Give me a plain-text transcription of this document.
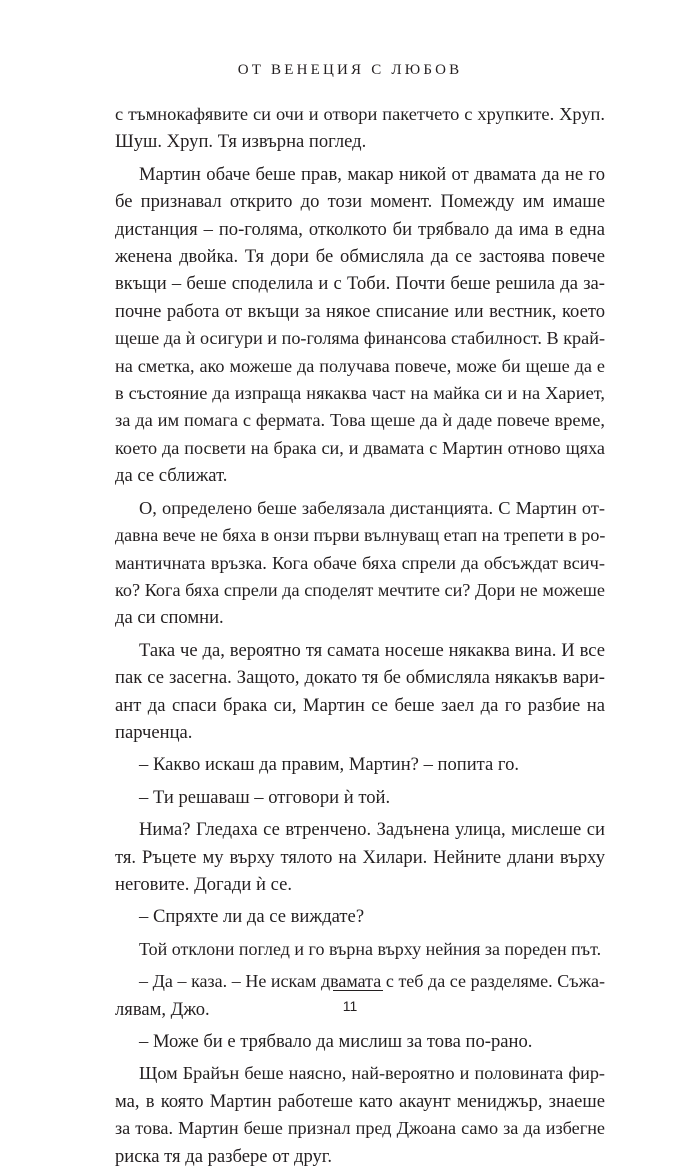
ОТ ВЕНЕЦИЯ С ЛЮБОВ

с тъмнокафявите си очи и отвори пакетчето с хрупките. Хруп.

Шуш. Хруп. Тя извърна поглед.

Мартин обаче беше прав, макар никой от двамата да не го

бе признавал открито до този момент. Помежду им имаше

дистанция – по-голяма, отколкото би трябвало да има в една

женена двойка. Тя дори бе обмисляла да се застоява повече

вкъщи – беше споделила и с Тоби. Почти беше решила да за-

почне работа от вкъщи за някое списание или вестник, което

щеше да ѝ осигури и по-голяма финансова стабилност. В край-

на сметка, ако можеше да получава повече, може би щеше да е

в състояние да изпраща някаква част на майка си и на Хариет,

за да им помага с фермата. Това щеше да ѝ даде повече време,

което да посвети на брака си, и двамата с Мартин отново щяха

да се сближат.

О, определено беше забелязала дистанцията. С Мартин от-

давна вече не бяха в онзи първи вълнуващ етап на трепети в ро-

мантичната връзка. Кога обаче бяха спрели да обсъждат всич-

ко? Кога бяха спрели да споделят мечтите си? Дори не можеше

да си спомни.

Така че да, вероятно тя самата носеше някаква вина. И все

пак се засегна. Защото, докато тя бе обмисляла някакъв вари-

ант да спаси брака си, Мартин се беше заел да го разбие на

парченца.

– Какво искаш да правим, Мартин? – попита го.

– Ти решаваш – отговори ѝ той.

Нима? Гледаха се втренчено. Задънена улица, мислеше си

тя. Ръцете му върху тялото на Хилари. Нейните длани върху

неговите. Догади ѝ се.

– Спряхте ли да се виждате?

Той отклони поглед и го върна върху нейния за пореден път.

– Да – каза. – Не искам двамата с теб да се разделяме. Съжа-

лявам, Джо.

– Може би е трябвало да мислиш за това по-рано.

Щом Брайън беше наясно, най-вероятно и половината фир-

ма, в която Мартин работеше като акаунт мениджър, знаеше

за това. Мартин беше признал пред Джоана само за да избегне

риска тя да разбере от друг.

11
